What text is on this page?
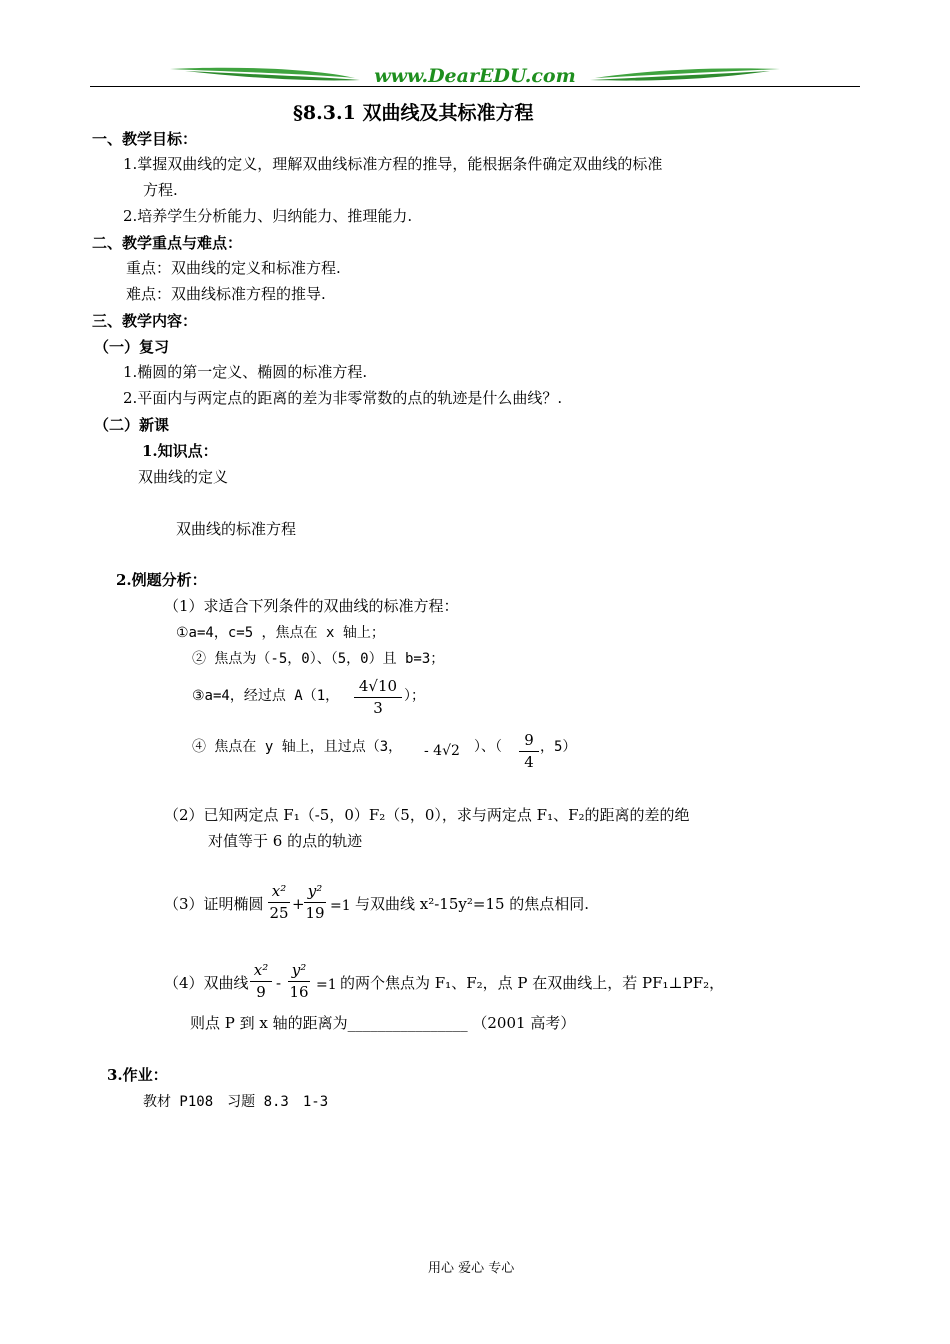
www.DearEDU.com
§8.3.1 双曲线及其标准方程
一、教学目标：
1.掌握双曲线的定义，理解双曲线标准方程的推导，能根据条件确定双曲线的标准
方程.
2.培养学生分析能力、归纳能力、推理能力.
二、教学重点与难点：
重点：双曲线的定义和标准方程.
难点：双曲线标准方程的推导.
三、教学内容：
（一）复习
1.椭圆的第一定义、椭圆的标准方程.
2.平面内与两定点的距离的差为非零常数的点的轨迹是什么曲线？.
（二）新课
1.知识点：
双曲线的定义
双曲线的标准方程
2.例题分析：
（1）求适合下列条件的双曲线的标准方程：
①a=4，c=5 ，焦点在 x 轴上；
② 焦点为（-5，0）、（5，0）且 b=3；
③a=4，经过点 A（1，
4√10
3
）；
④ 焦点在 y 轴上，且过点（3， - 4√2 ）、（	9
4
，5）
（2）已知两定点 F₁（-5，0）F₂（5，0），求与两定点 F₁、F₂的距离的差的绝
对值等于 6 的点的轨迹
（3）证明椭圆
x²
25 +
y²
19 =1 与双曲线 x²-15y²=15 的焦点相同.
（4）双曲线
x²
9 -
y²
16 =1 的两个焦点为 F₁、F₂，点 P 在双曲线上，若 PF₁⊥PF₂，
则点 P 到 x 轴的距离为________________ （2001 高考）
3.作业：
教材 P108　习题 8.3　1-3
用心 爱心 专心
